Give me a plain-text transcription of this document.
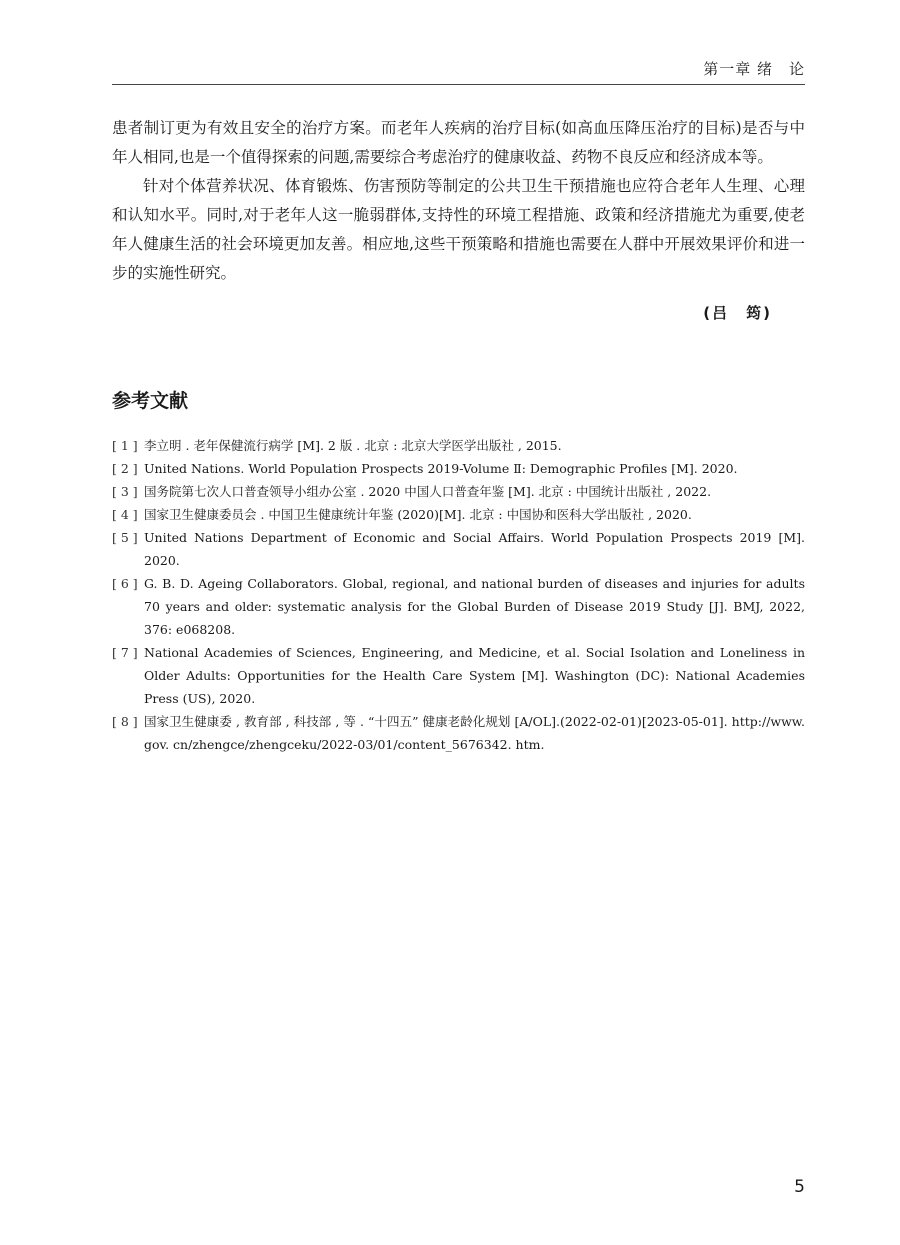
第一章 绪　论

患者制订更为有效且安全的治疗方案。而老年人疾病的治疗目标(如高血压降压治疗的目标)是否与中年人相同,也是一个值得探索的问题,需要综合考虑治疗的健康收益、药物不良反应和经济成本等。

针对个体营养状况、体育锻炼、伤害预防等制定的公共卫生干预措施也应符合老年人生理、心理和认知水平。同时,对于老年人这一脆弱群体,支持性的环境工程措施、政策和经济措施尤为重要,使老年人健康生活的社会环境更加友善。相应地,这些干预策略和措施也需要在人群中开展效果评价和进一步的实施性研究。

(吕　筠)
参考文献
[ 1 ] 李立明 . 老年保健流行病学 [M]. 2 版 . 北京 : 北京大学医学出版社 , 2015.
[ 2 ] United Nations. World Population Prospects 2019-Volume Ⅱ: Demographic Profiles [M]. 2020.
[ 3 ] 国务院第七次人口普查领导小组办公室 . 2020 中国人口普查年鉴 [M]. 北京 : 中国统计出版社 , 2022.
[ 4 ] 国家卫生健康委员会 . 中国卫生健康统计年鉴 (2020)[M]. 北京 : 中国协和医科大学出版社 , 2020.
[ 5 ] United Nations Department of Economic and Social Affairs. World Population Prospects 2019 [M]. 2020.
[ 6 ] G. B. D. Ageing Collaborators. Global, regional, and national burden of diseases and injuries for adults 70 years and older: systematic analysis for the Global Burden of Disease 2019 Study [J]. BMJ, 2022, 376: e068208.
[ 7 ] National Academies of Sciences, Engineering, and Medicine, et al. Social Isolation and Loneliness in Older Adults: Opportunities for the Health Care System [M]. Washington (DC): National Academies Press (US), 2020.
[ 8 ] 国家卫生健康委 , 教育部 , 科技部 , 等 . “十四五” 健康老龄化规划 [A/OL].(2022-02-01)[2023-05-01]. http://www. gov. cn/zhengce/zhengceku/2022-03/01/content_5676342. htm.
5
